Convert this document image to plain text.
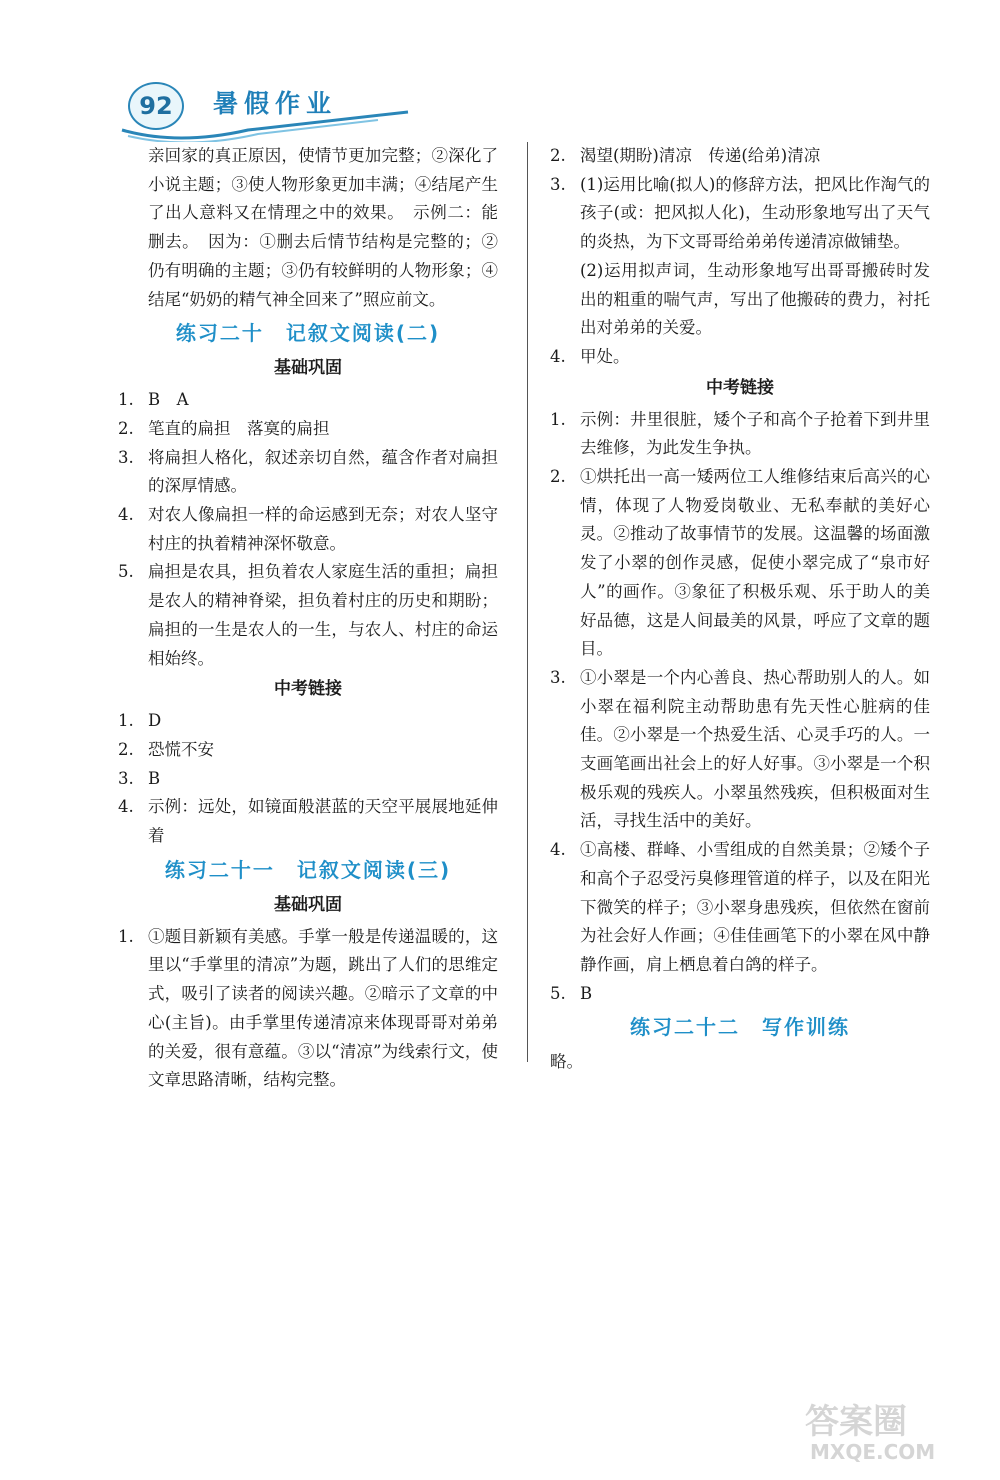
92	暑假作业

亲回家的真正原因，使情节更加完整；②深化了小说主题；③使人物形象更加丰满；④结尾产生了出人意料又在情理之中的效果。　示例二：能删去。　因为：①删去后情节结构是完整的；②仍有明确的主题；③仍有较鲜明的人物形象；④结尾“奶奶的精气神全回来了”照应前文。

练习二十　记叙文阅读(二)
基础巩固

1. B　A

2. 笔直的扁担　落寞的扁担

3. 将扁担人格化，叙述亲切自然，蕴含作者对扁担的深厚情感。

4. 对农人像扁担一样的命运感到无奈；对农人坚守村庄的执着精神深怀敬意。

5. 扁担是农具，担负着农人家庭生活的重担；扁担是农人的精神脊梁，担负着村庄的历史和期盼；扁担的一生是农人的一生，与农人、村庄的命运相始终。

中考链接

1. D

2. 恐慌不安

3. B

4. 示例：远处，如镜面般湛蓝的天空平展展地延伸着

练习二十一　记叙文阅读(三)
基础巩固

1. ①题目新颖有美感。手掌一般是传递温暖的，这里以“手掌里的清凉”为题，跳出了人们的思维定式，吸引了读者的阅读兴趣。②暗示了文章的中心(主旨)。由手掌里传递清凉来体现哥哥对弟弟的关爱，很有意蕴。③以“清凉”为线索行文，使文章思路清晰，结构完整。

2. 渴望(期盼)清凉　传递(给弟)清凉

3. (1)运用比喻(拟人)的修辞方法，把风比作淘气的孩子(或：把风拟人化)，生动形象地写出了天气的炎热，为下文哥哥给弟弟传递清凉做铺垫。

(2)运用拟声词，生动形象地写出哥哥搬砖时发出的粗重的喘气声，写出了他搬砖的费力，衬托出对弟弟的关爱。

4. 甲处。

中考链接

1. 示例：井里很脏，矮个子和高个子抢着下到井里去维修，为此发生争执。

2. ①烘托出一高一矮两位工人维修结束后高兴的心情，体现了人物爱岗敬业、无私奉献的美好心灵。②推动了故事情节的发展。这温馨的场面激发了小翠的创作灵感，促使小翠完成了“泉市好人”的画作。③象征了积极乐观、乐于助人的美好品德，这是人间最美的风景，呼应了文章的题目。

3. ①小翠是一个内心善良、热心帮助别人的人。如小翠在福利院主动帮助患有先天性心脏病的佳佳。②小翠是一个热爱生活、心灵手巧的人。一支画笔画出社会上的好人好事。③小翠是一个积极乐观的残疾人。小翠虽然残疾，但积极面对生活，寻找生活中的美好。

4. ①高楼、群峰、小雪组成的自然美景；②矮个子和高个子忍受污臭修理管道的样子，以及在阳光下微笑的样子；③小翠身患残疾，但依然在窗前为社会好人作画；④佳佳画笔下的小翠在风中静静作画，肩上栖息着白鸽的样子。

5. B

练习二十二　写作训练

略。

答案圈
MXQE.COM
